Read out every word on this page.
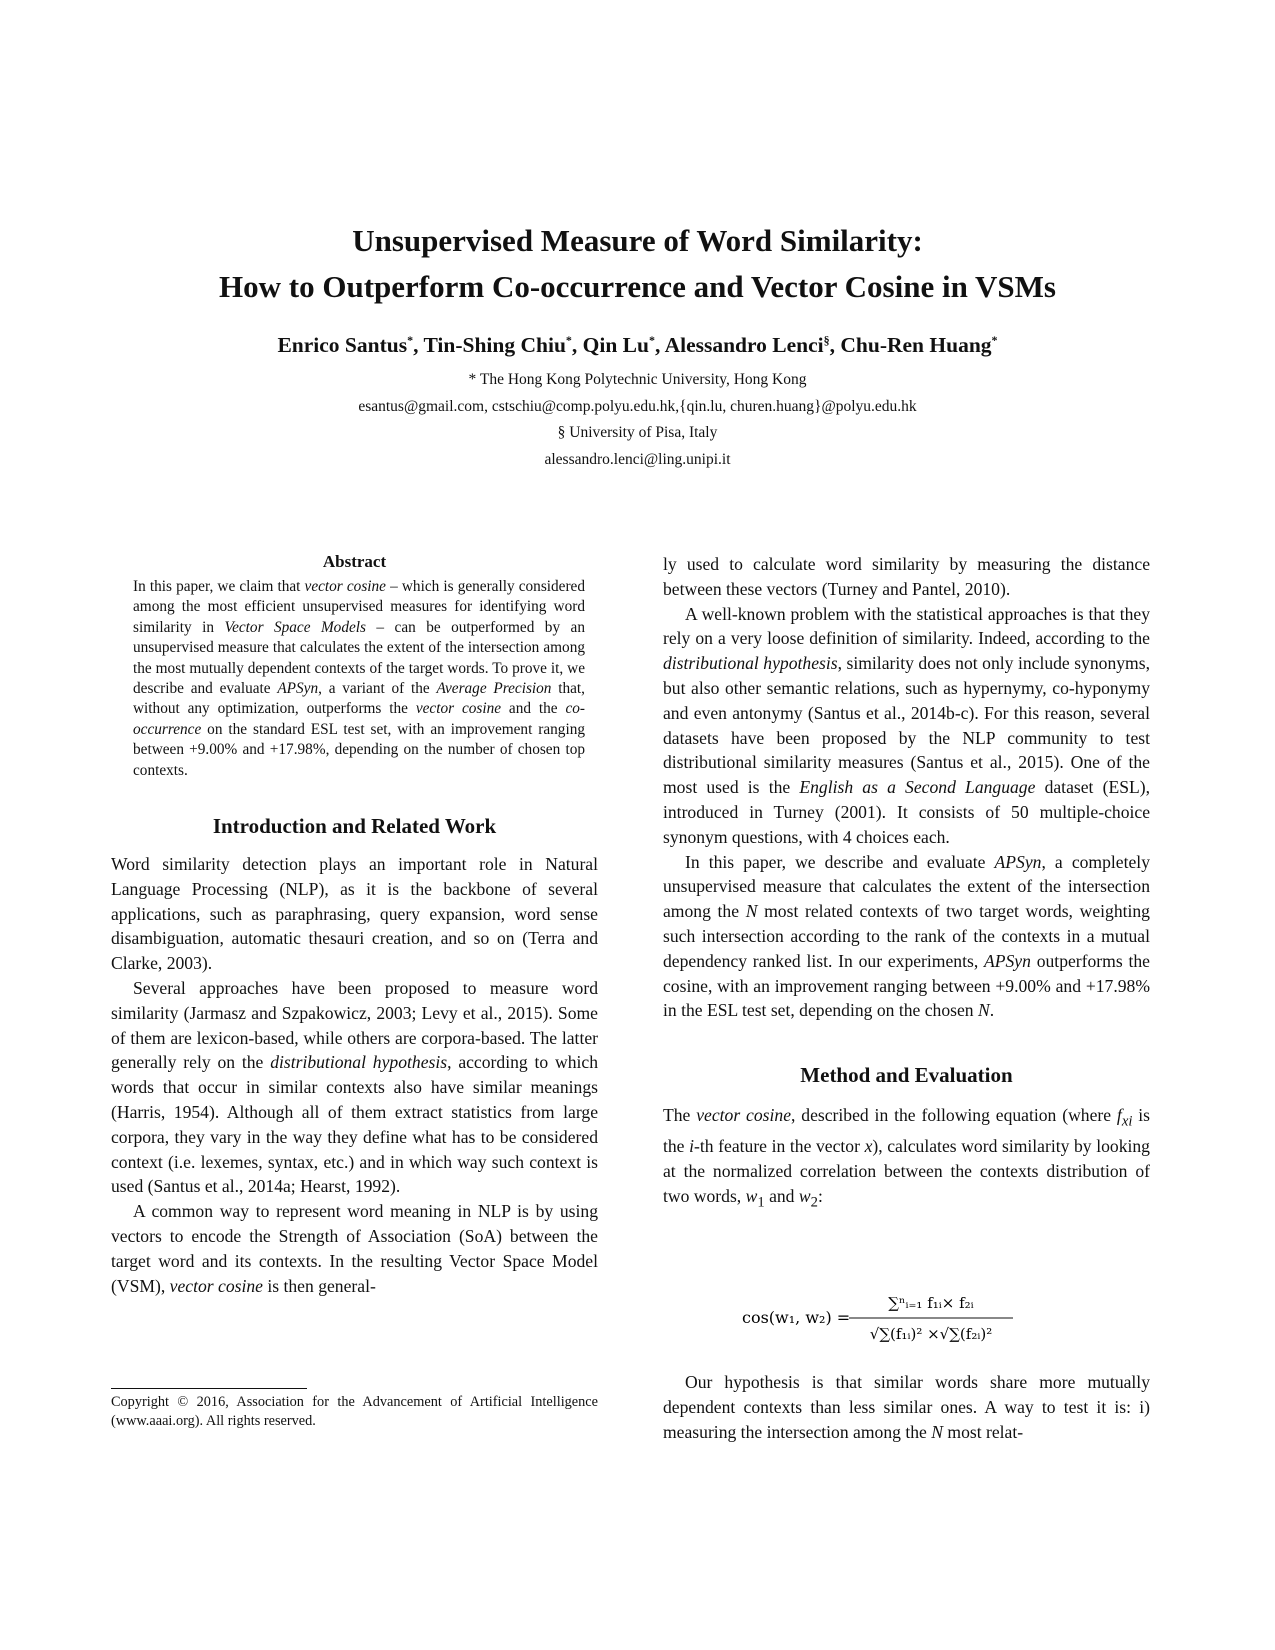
Unsupervised Measure of Word Similarity:
How to Outperform Co-occurrence and Vector Cosine in VSMs
Enrico Santus*, Tin-Shing Chiu*, Qin Lu*, Alessandro Lenci§, Chu-Ren Huang*
* The Hong Kong Polytechnic University, Hong Kong
esantus@gmail.com, cstschiu@comp.polyu.edu.hk,{qin.lu, churen.huang}@polyu.edu.hk
§ University of Pisa, Italy
alessandro.lenci@ling.unipi.it
Abstract
In this paper, we claim that vector cosine – which is generally considered among the most efficient unsupervised measures for identifying word similarity in Vector Space Models – can be outperformed by an unsupervised measure that calculates the extent of the intersection among the most mutually dependent contexts of the target words. To prove it, we describe and evaluate APSyn, a variant of the Average Precision that, without any optimization, outperforms the vector cosine and the co-occurrence on the standard ESL test set, with an improvement ranging between +9.00% and +17.98%, depending on the number of chosen top contexts.
Introduction and Related Work

Word similarity detection plays an important role in Natural Language Processing (NLP), as it is the backbone of several applications, such as paraphrasing, query expansion, word sense disambiguation, automatic thesauri creation, and so on (Terra and Clarke, 2003).

Several approaches have been proposed to measure word similarity (Jarmasz and Szpakowicz, 2003; Levy et al., 2015). Some of them are lexicon-based, while others are corpora-based. The latter generally rely on the distributional hypothesis, according to which words that occur in similar contexts also have similar meanings (Harris, 1954). Although all of them extract statistics from large corpora, they vary in the way they define what has to be considered context (i.e. lexemes, syntax, etc.) and in which way such context is used (Santus et al., 2014a; Hearst, 1992).

A common way to represent word meaning in NLP is by using vectors to encode the Strength of Association (SoA) between the target word and its contexts. In the resulting Vector Space Model (VSM), vector cosine is then general-

Copyright © 2016, Association for the Advancement of Artificial Intelligence (www.aaai.org). All rights reserved.

ly used to calculate word similarity by measuring the distance between these vectors (Turney and Pantel, 2010).

A well-known problem with the statistical approaches is that they rely on a very loose definition of similarity. Indeed, according to the distributional hypothesis, similarity does not only include synonyms, but also other semantic relations, such as hypernymy, co-hyponymy and even antonymy (Santus et al., 2014b-c). For this reason, several datasets have been proposed by the NLP community to test distributional similarity measures (Santus et al., 2015). One of the most used is the English as a Second Language dataset (ESL), introduced in Turney (2001). It consists of 50 multiple-choice synonym questions, with 4 choices each.

In this paper, we describe and evaluate APSyn, a completely unsupervised measure that calculates the extent of the intersection among the N most related contexts of two target words, weighting such intersection according to the rank of the contexts in a mutual dependency ranked list. In our experiments, APSyn outperforms the cosine, with an improvement ranging between +9.00% and +17.98% in the ESL test set, depending on the chosen N.

Method and Evaluation

The vector cosine, described in the following equation (where $f_{xi}$ is the i-th feature in the vector x), calculates word similarity by looking at the normalized correlation between the contexts distribution of two words, $w_1$ and $w_2$:

cos(w₁, w₂) =
∑ⁿᵢ₌₁ f₁ᵢ× f₂ᵢ
√∑(f₁ᵢ)² ×√∑(f₂ᵢ)²

Our hypothesis is that similar words share more mutually dependent contexts than less similar ones. A way to test it is: i) measuring the intersection among the N most relat-
